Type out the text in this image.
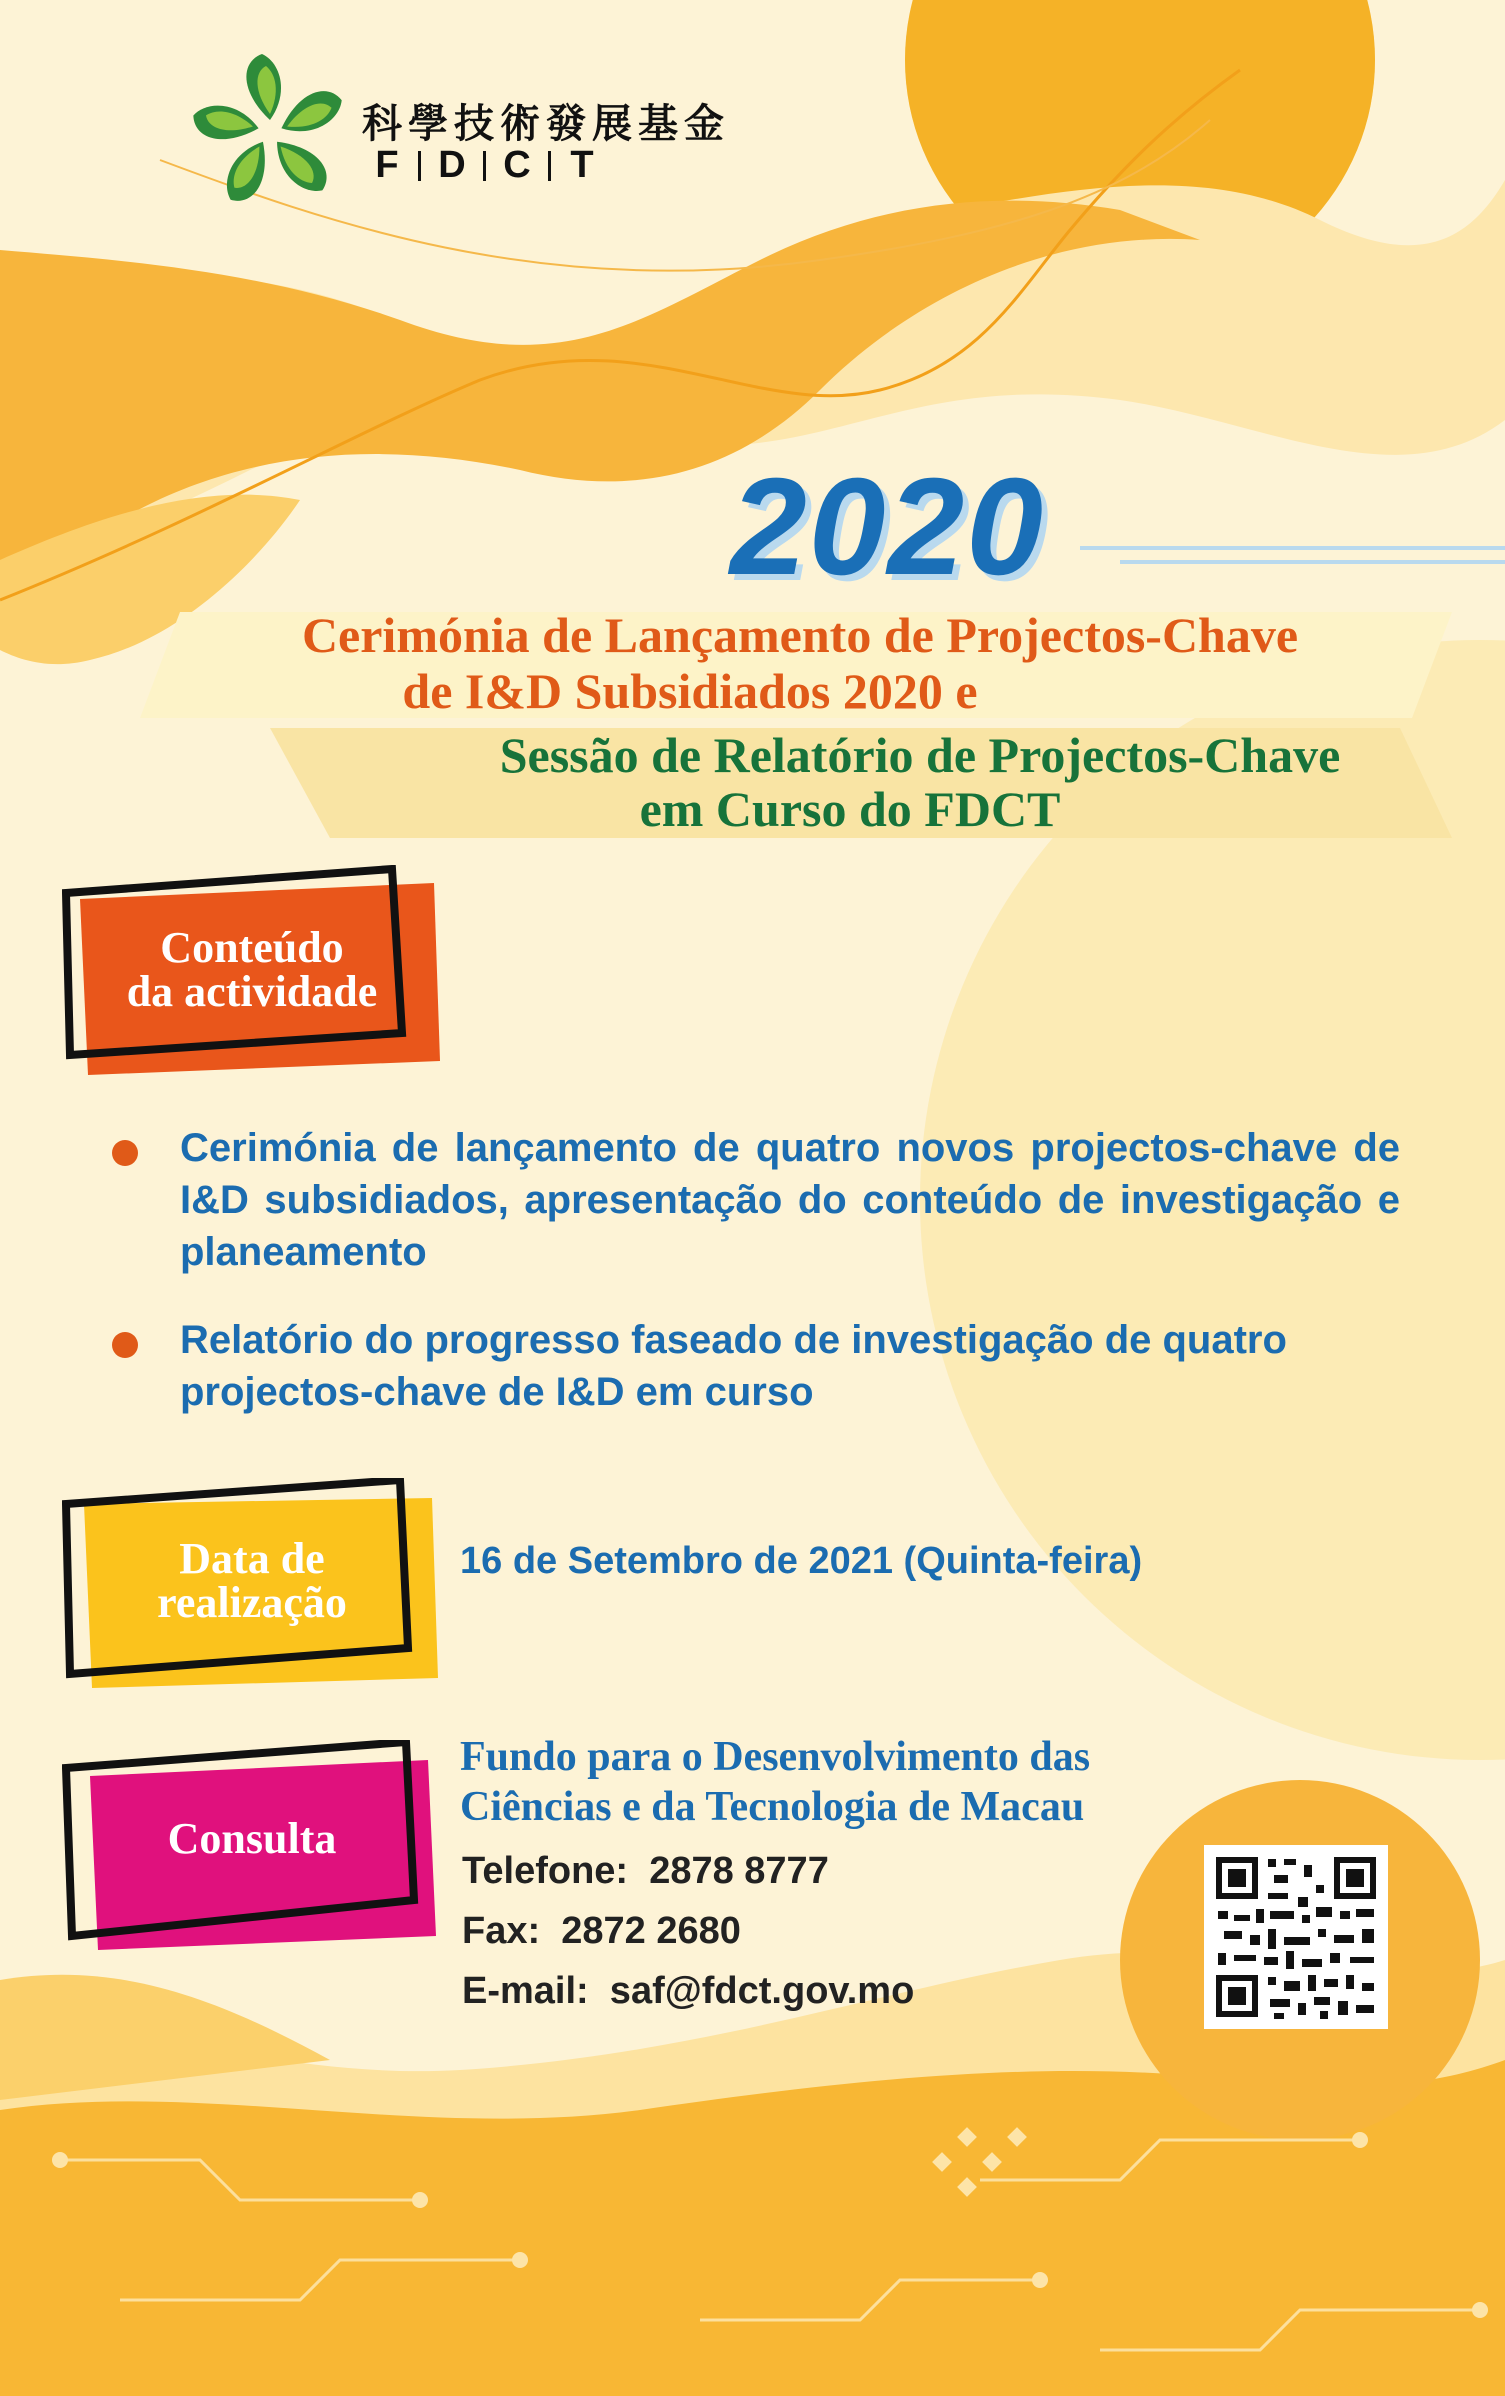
科學技術發展基金
F	D C	T
2020
Cerimónia de Lançamento de Projectos-Chave
de I&D Subsidiados 2020 e
Sessão de Relatório de Projectos-Chave
em Curso do FDCT
Conteúdo
da actividade
Cerimónia de lançamento de quatro novos projectos-chave de I&D subsidiados, apresentação do conteúdo de investigação e planeamento
Relatório do progresso faseado de investigação de quatro projectos-chave de I&D em curso
Data de
realização
16 de Setembro de 2021 (Quinta-feira)
Consulta
Fundo para o Desenvolvimento das
Ciências e da Tecnologia de Macau
Telefone:  2878 8777
Fax:  2872 2680
E-mail:  saf@fdct.gov.mo
